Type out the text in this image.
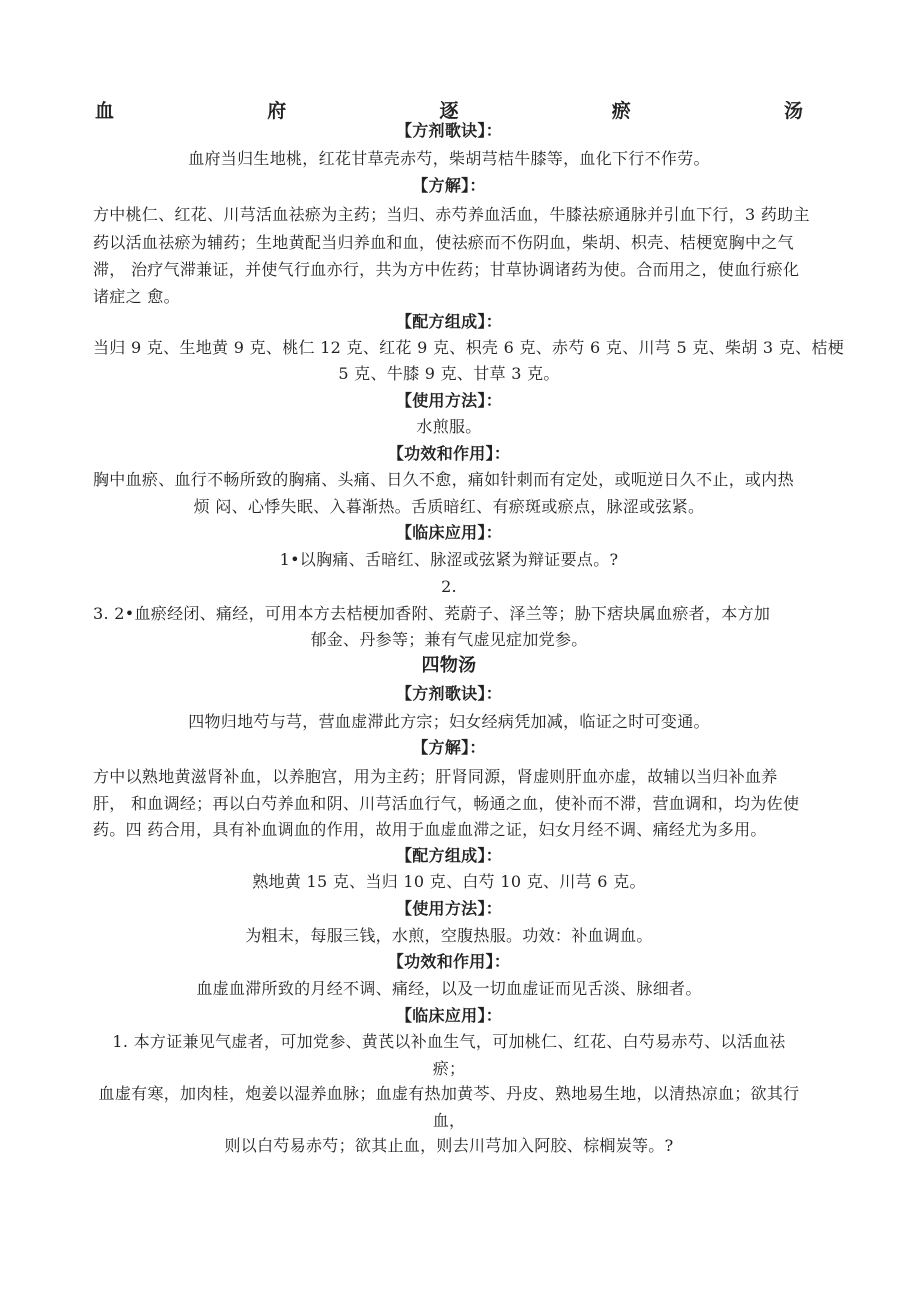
血	府	逐	瘀	汤
【方剂歌诀】：
血府当归生地桃，红花甘草壳赤芍，柴胡芎桔牛膝等，血化下行不作劳。
【方解】：
方中桃仁、红花、川芎活血祛瘀为主药；当归、赤芍养血活血，牛膝祛瘀通脉并引血下行，3 药助主
药以活血祛瘀为辅药；生地黄配当归养血和血，使祛瘀而不伤阴血，柴胡、枳壳、桔梗宽胸中之气
滞， 治疗气滞兼证，并使气行血亦行，共为方中佐药；甘草协调诸药为使。合而用之，使血行瘀化
诸症之 愈。
【配方组成】：
当归 9 克、生地黄 9 克、桃仁 12 克、红花 9 克、枳壳 6 克、赤芍 6 克、川芎 5 克、柴胡 3 克、桔梗
5 克、牛膝 9 克、甘草 3 克。
【使用方法】：
水煎服。
【功效和作用】：
胸中血瘀、血行不畅所致的胸痛、头痛、日久不愈，痛如针刺而有定处，或呃逆日久不止，或内热
烦 闷、心悸失眠、入暮渐热。舌质暗红、有瘀斑或瘀点，脉涩或弦紧。
【临床应用】：
1•以胸痛、舌暗红、脉涩或弦紧为辩证要点。?
2.
3. 2•血瘀经闭、痛经，可用本方去桔梗加香附、茺蔚子、泽兰等；胁下痞块属血瘀者，本方加
郁金、丹参等；兼有气虚见症加党参。
四物汤
【方剂歌诀】：
四物归地芍与芎，营血虚滞此方宗；妇女经病凭加减，临证之时可变通。
【方解】：
方中以熟地黄滋肾补血，以养胞宫，用为主药；肝肾同源，肾虚则肝血亦虚，故辅以当归补血养
肝， 和血调经；再以白芍养血和阴、川芎活血行气，畅通之血，使补而不滞，营血调和，均为佐使
药。四 药合用，具有补血调血的作用，故用于血虚血滞之证，妇女月经不调、痛经尤为多用。
【配方组成】：
熟地黄 15 克、当归 10 克、白芍 10 克、川芎 6 克。
【使用方法】：
为粗末，每服三钱，水煎，空腹热服。功效：补血调血。
【功效和作用】：
血虚血滞所致的月经不调、痛经，以及一切血虚证而见舌淡、脉细者。
【临床应用】：
1. 本方证兼见气虚者，可加党参、黄芪以补血生气，可加桃仁、红花、白芍易赤芍、以活血祛
瘀；
血虚有寒，加肉桂，炮姜以湿养血脉；血虚有热加黄芩、丹皮、熟地易生地，以清热凉血；欲其行
血，
则以白芍易赤芍；欲其止血，则去川芎加入阿胶、棕榈炭等。?
